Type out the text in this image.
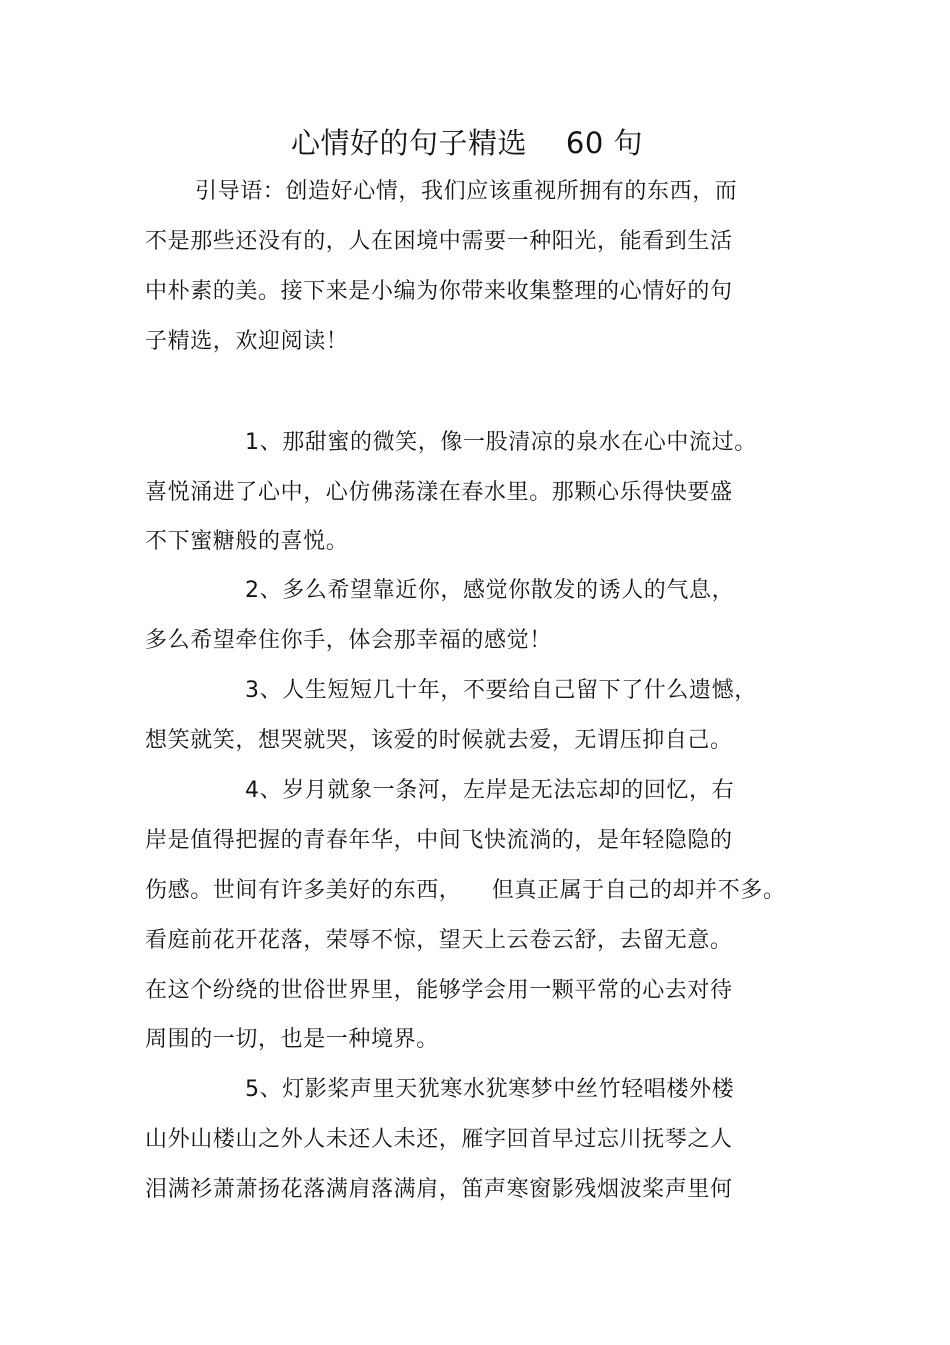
心情好的句子精选    60 句
引导语：创造好心情，我们应该重视所拥有的东西，而
不是那些还没有的，人在困境中需要一种阳光，能看到生活
中朴素的美。接下来是小编为你带来收集整理的心情好的句
子精选，欢迎阅读！
1、那甜蜜的微笑，像一股清凉的泉水在心中流过。
喜悦涌进了心中，心仿佛荡漾在春水里。那颗心乐得快要盛
不下蜜糖般的喜悦。
2、多么希望靠近你，感觉你散发的诱人的气息，
多么希望牵住你手，体会那幸福的感觉！
3、人生短短几十年，不要给自己留下了什么遗憾，
想笑就笑，想哭就哭，该爱的时候就去爱，无谓压抑自己。
4、岁月就象一条河，左岸是无法忘却的回忆，右
岸是值得把握的青春年华，中间飞快流淌的，是年轻隐隐的
伤感。世间有许多美好的东西，    但真正属于自己的却并不多。
看庭前花开花落，荣辱不惊，望天上云卷云舒，去留无意。
在这个纷绕的世俗世界里，能够学会用一颗平常的心去对待
周围的一切，也是一种境界。
5、灯影桨声里天犹寒水犹寒梦中丝竹轻唱楼外楼
山外山楼山之外人未还人未还，雁字回首早过忘川抚琴之人
泪满衫萧萧扬花落满肩落满肩，笛声寒窗影残烟波桨声里何
